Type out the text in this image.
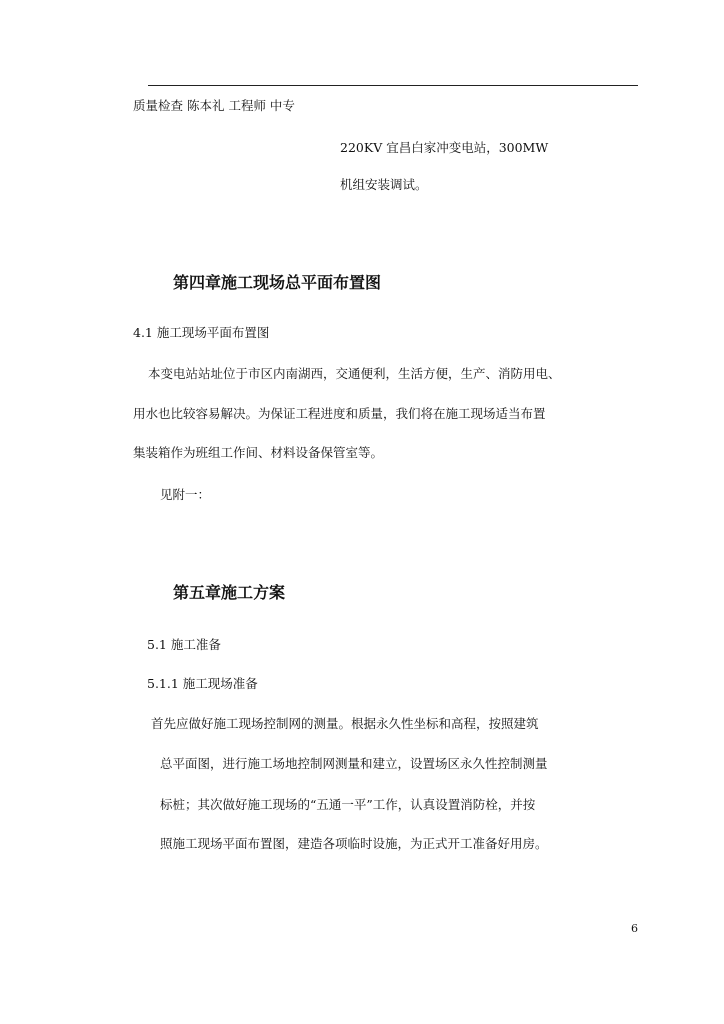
质量检查 陈本礼 工程师 中专
220KV 宜昌白家冲变电站，300MW
机组安装调试。
第四章施工现场总平面布置图
4.1 施工现场平面布置图
本变电站站址位于市区内南湖西，交通便利，生活方便，生产、消防用电、
用水也比较容易解决。为保证工程进度和质量，我们将在施工现场适当布置
集装箱作为班组工作间、材料设备保管室等。
见附一：
第五章施工方案
5.1 施工准备
5.1.1 施工现场准备
首先应做好施工现场控制网的测量。根据永久性坐标和高程，按照建筑
总平面图，进行施工场地控制网测量和建立，设置场区永久性控制测量
标桩；其次做好施工现场的“五通一平”工作，认真设置消防栓，并按
照施工现场平面布置图，建造各项临时设施，为正式开工准备好用房。
6
